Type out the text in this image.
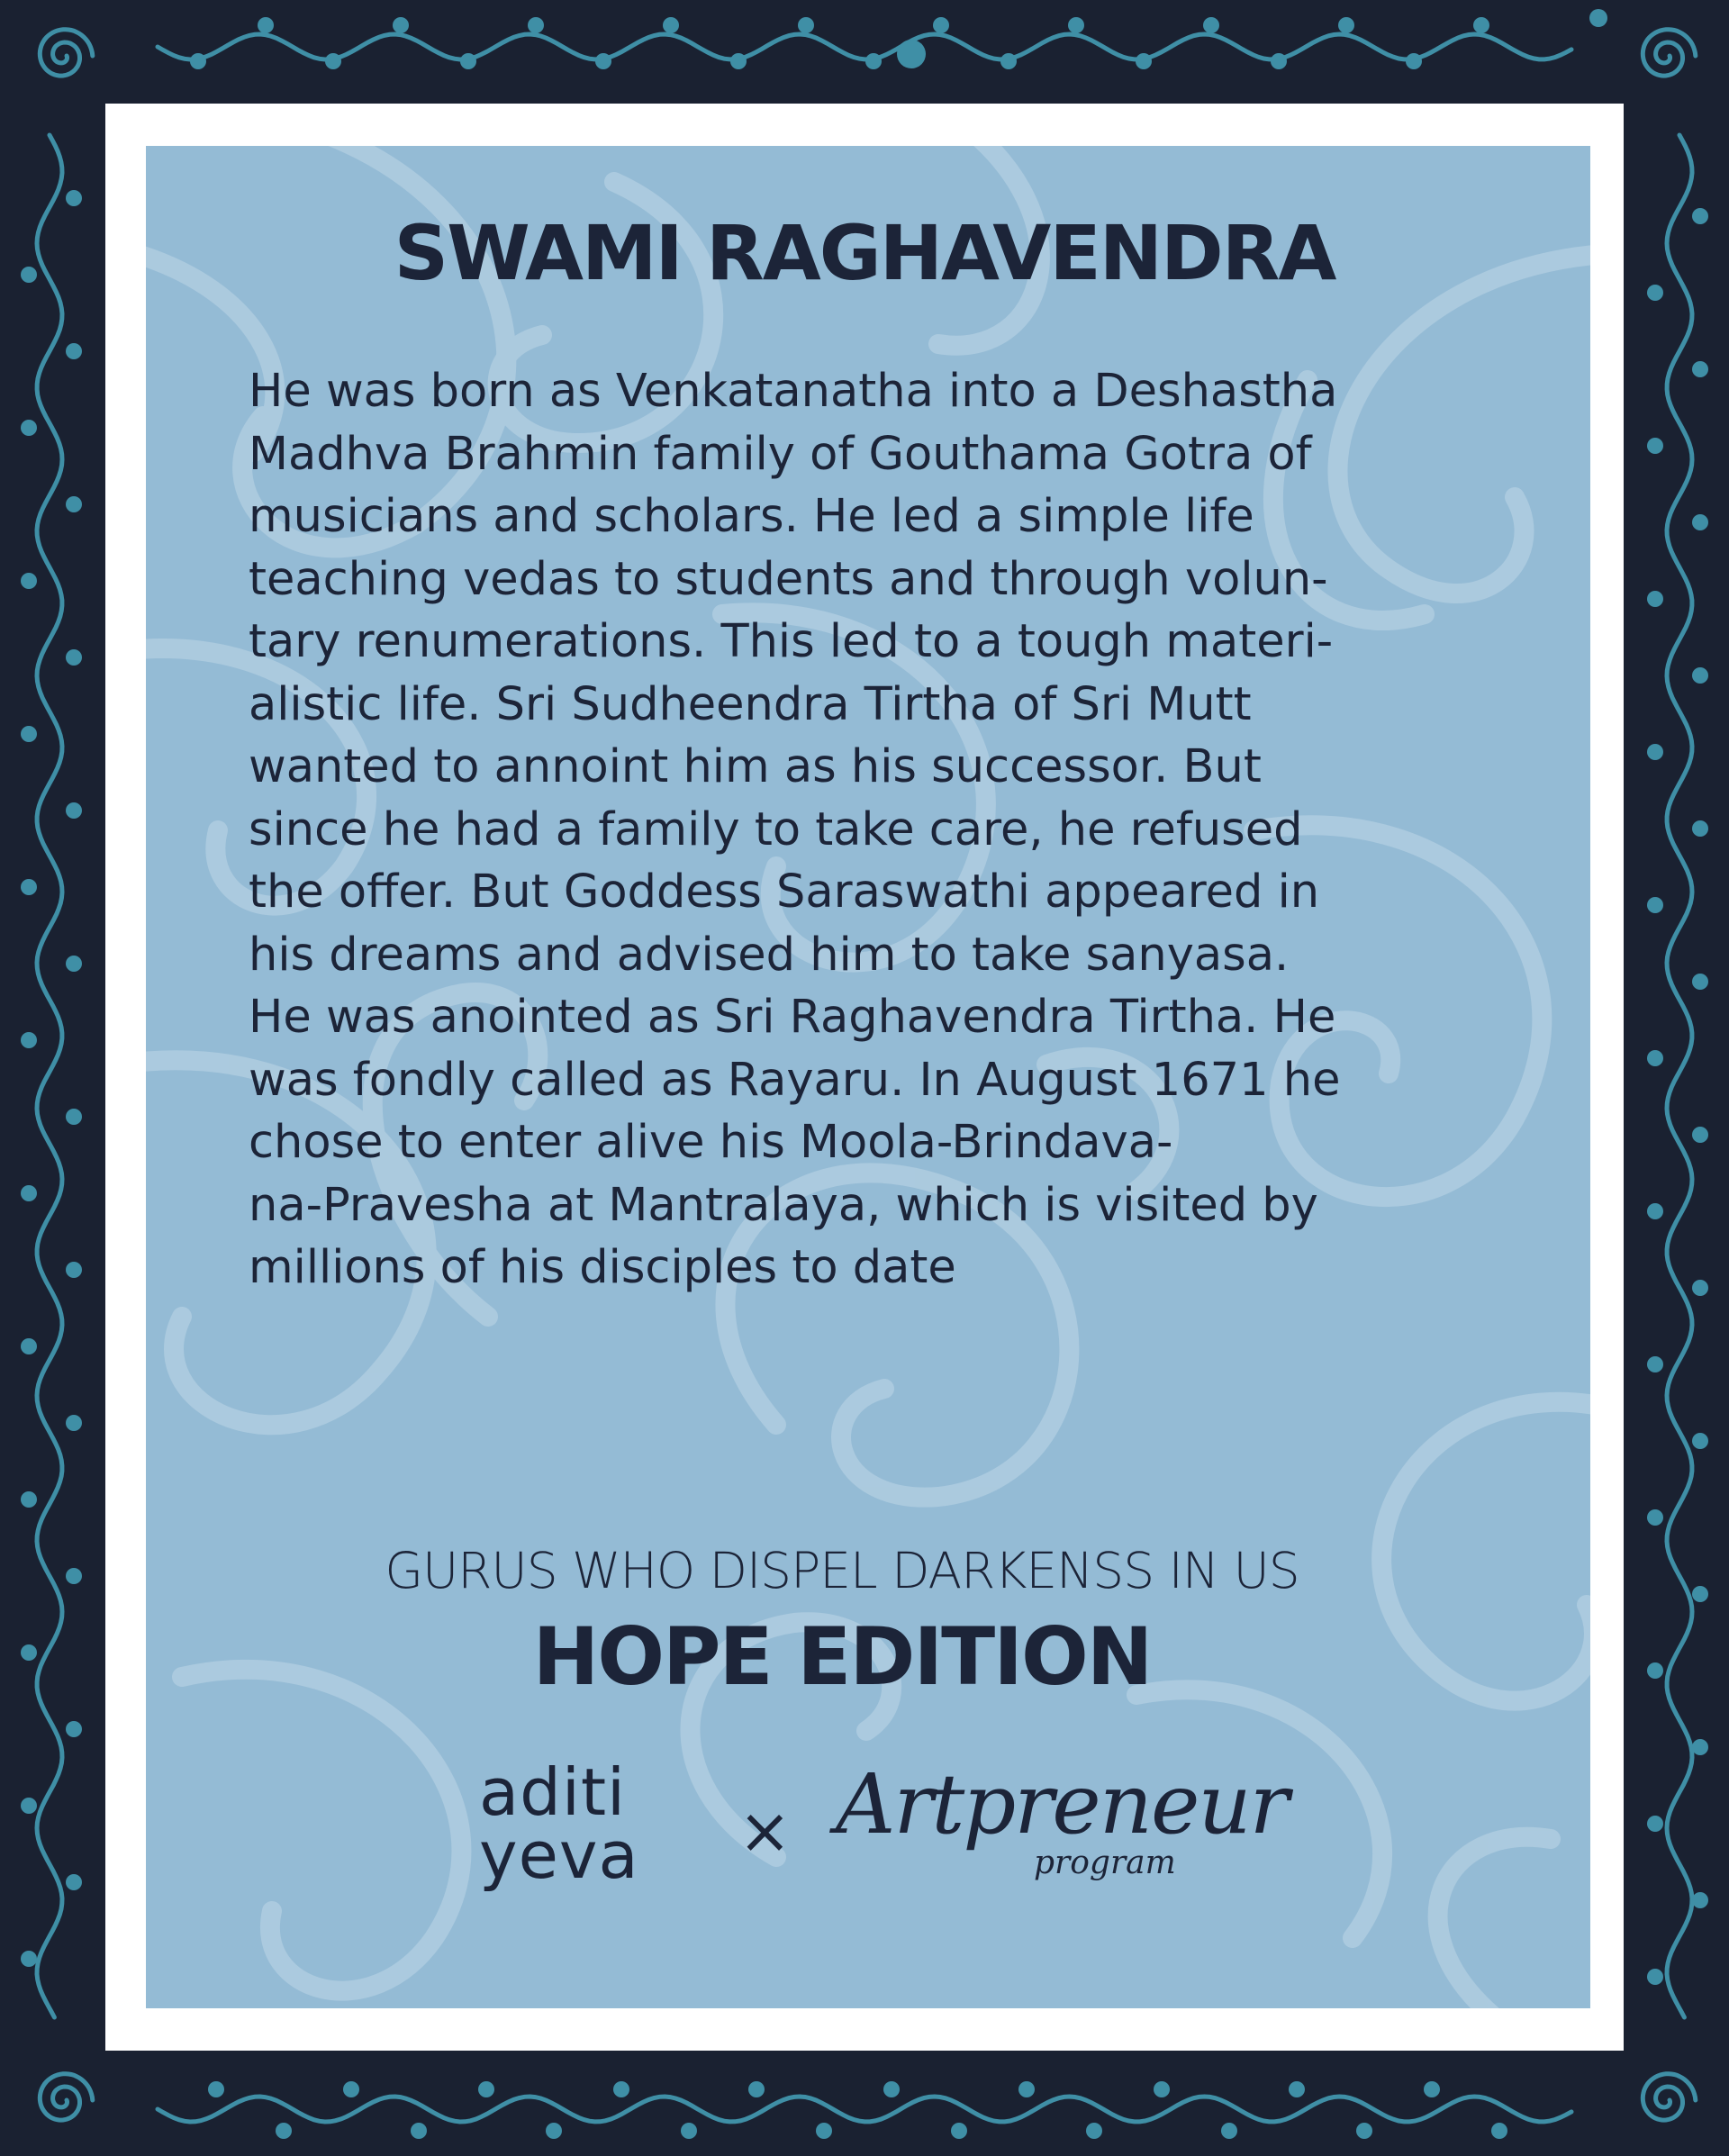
SWAMI RAGHAVENDRA
He was born as Venkatanatha into a Deshastha
Madhva Brahmin family of Gouthama Gotra of
musicians and scholars. He led a simple life
teaching vedas to students and through volun-
tary renumerations. This led to a tough materi-
alistic life. Sri Sudheendra Tirtha of Sri Mutt
wanted to annoint him as his successor. But
since he had a family to take care, he refused
the offer. But Goddess Saraswathi appeared in
his dreams and advised him to take sanyasa.
He was anointed as Sri Raghavendra Tirtha. He
was fondly called as Rayaru. In August 1671 he
chose to enter alive his Moola-Brindava-
na-Pravesha at Mantralaya, which is visited by
millions of his disciples to date
GURUS WHO DISPEL DARKENSS IN US
HOPE EDITION
aditi
yeva	× Artpreneur
program
